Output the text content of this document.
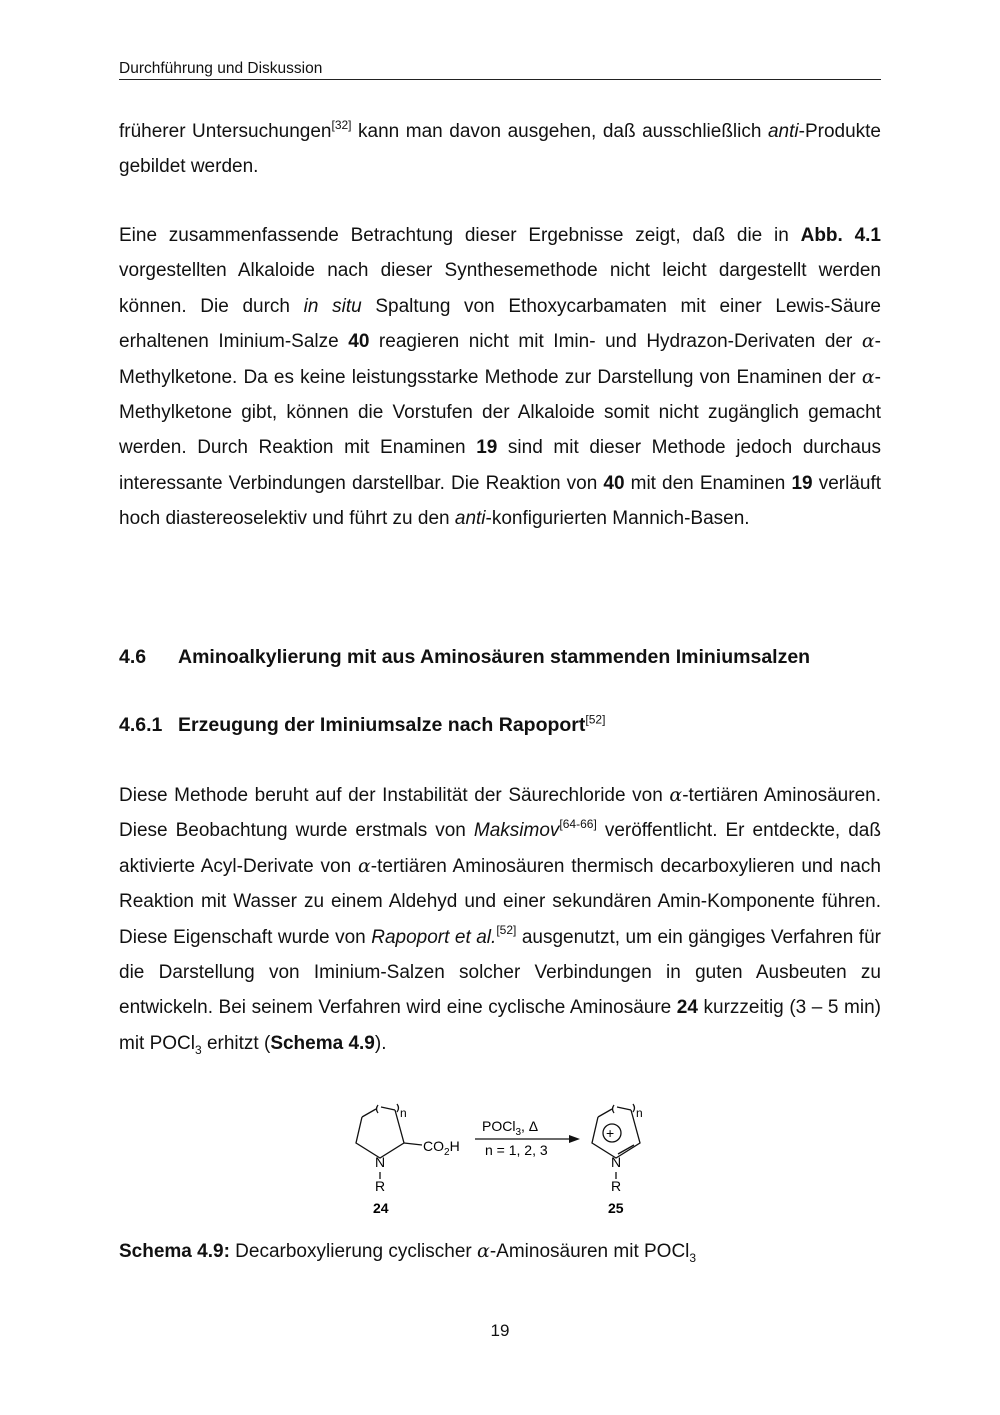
Durchführung und Diskussion

früherer Untersuchungen[32] kann man davon ausgehen, daß ausschließlich anti-Produkte gebildet werden.

Eine zusammenfassende Betrachtung dieser Ergebnisse zeigt, daß die in Abb. 4.1 vorgestellten Alkaloide nach dieser Synthesemethode nicht leicht dargestellt werden können. Die durch in situ Spaltung von Ethoxycarbamaten mit einer Lewis-Säure erhaltenen Iminium-Salze 40 reagieren nicht mit Imin- und Hydrazon-Derivaten der α-Methylketone. Da es keine leistungsstarke Methode zur Darstellung von Enaminen der α-Methylketone gibt, können die Vorstufen der Alkaloide somit nicht zugänglich gemacht werden. Durch Reaktion mit Enaminen 19 sind mit dieser Methode jedoch durchaus interessante Verbindungen darstellbar. Die Reaktion von 40 mit den Enaminen 19 verläuft hoch diastereoselektiv und führt zu den anti-konfigurierten Mannich-Basen.

4.6 Aminoalkylierung mit aus Aminosäuren stammenden Iminiumsalzen
4.6.1 Erzeugung der Iminiumsalze nach Rapoport[52]

Diese Methode beruht auf der Instabilität der Säurechloride von α-tertiären Aminosäuren. Diese Beobachtung wurde erstmals von Maksimov[64-66] veröffentlicht. Er entdeckte, daß aktivierte Acyl-Derivate von α-tertiären Aminosäuren thermisch decarboxylieren und nach Reaktion mit Wasser zu einem Aldehyd und einer sekundären Amin-Komponente führen. Diese Eigenschaft wurde von Rapoport et al.[52] ausgenutzt, um ein gängiges Verfahren für die Darstellung von Iminium-Salzen solcher Verbindungen in guten Ausbeuten zu entwickeln. Bei seinem Verfahren wird eine cyclische Aminosäure 24 kurzzeitig (3 – 5 min) mit POCl$_3$ erhitzt (Schema 4.9).

n
N
R
$CO_2H$
24
POCl$_3$, Δ
n = 1, 2, 3
n
+
N
R
25

Schema 4.9: Decarboxylierung cyclischer α-Aminosäuren mit POCl$_3$

19
